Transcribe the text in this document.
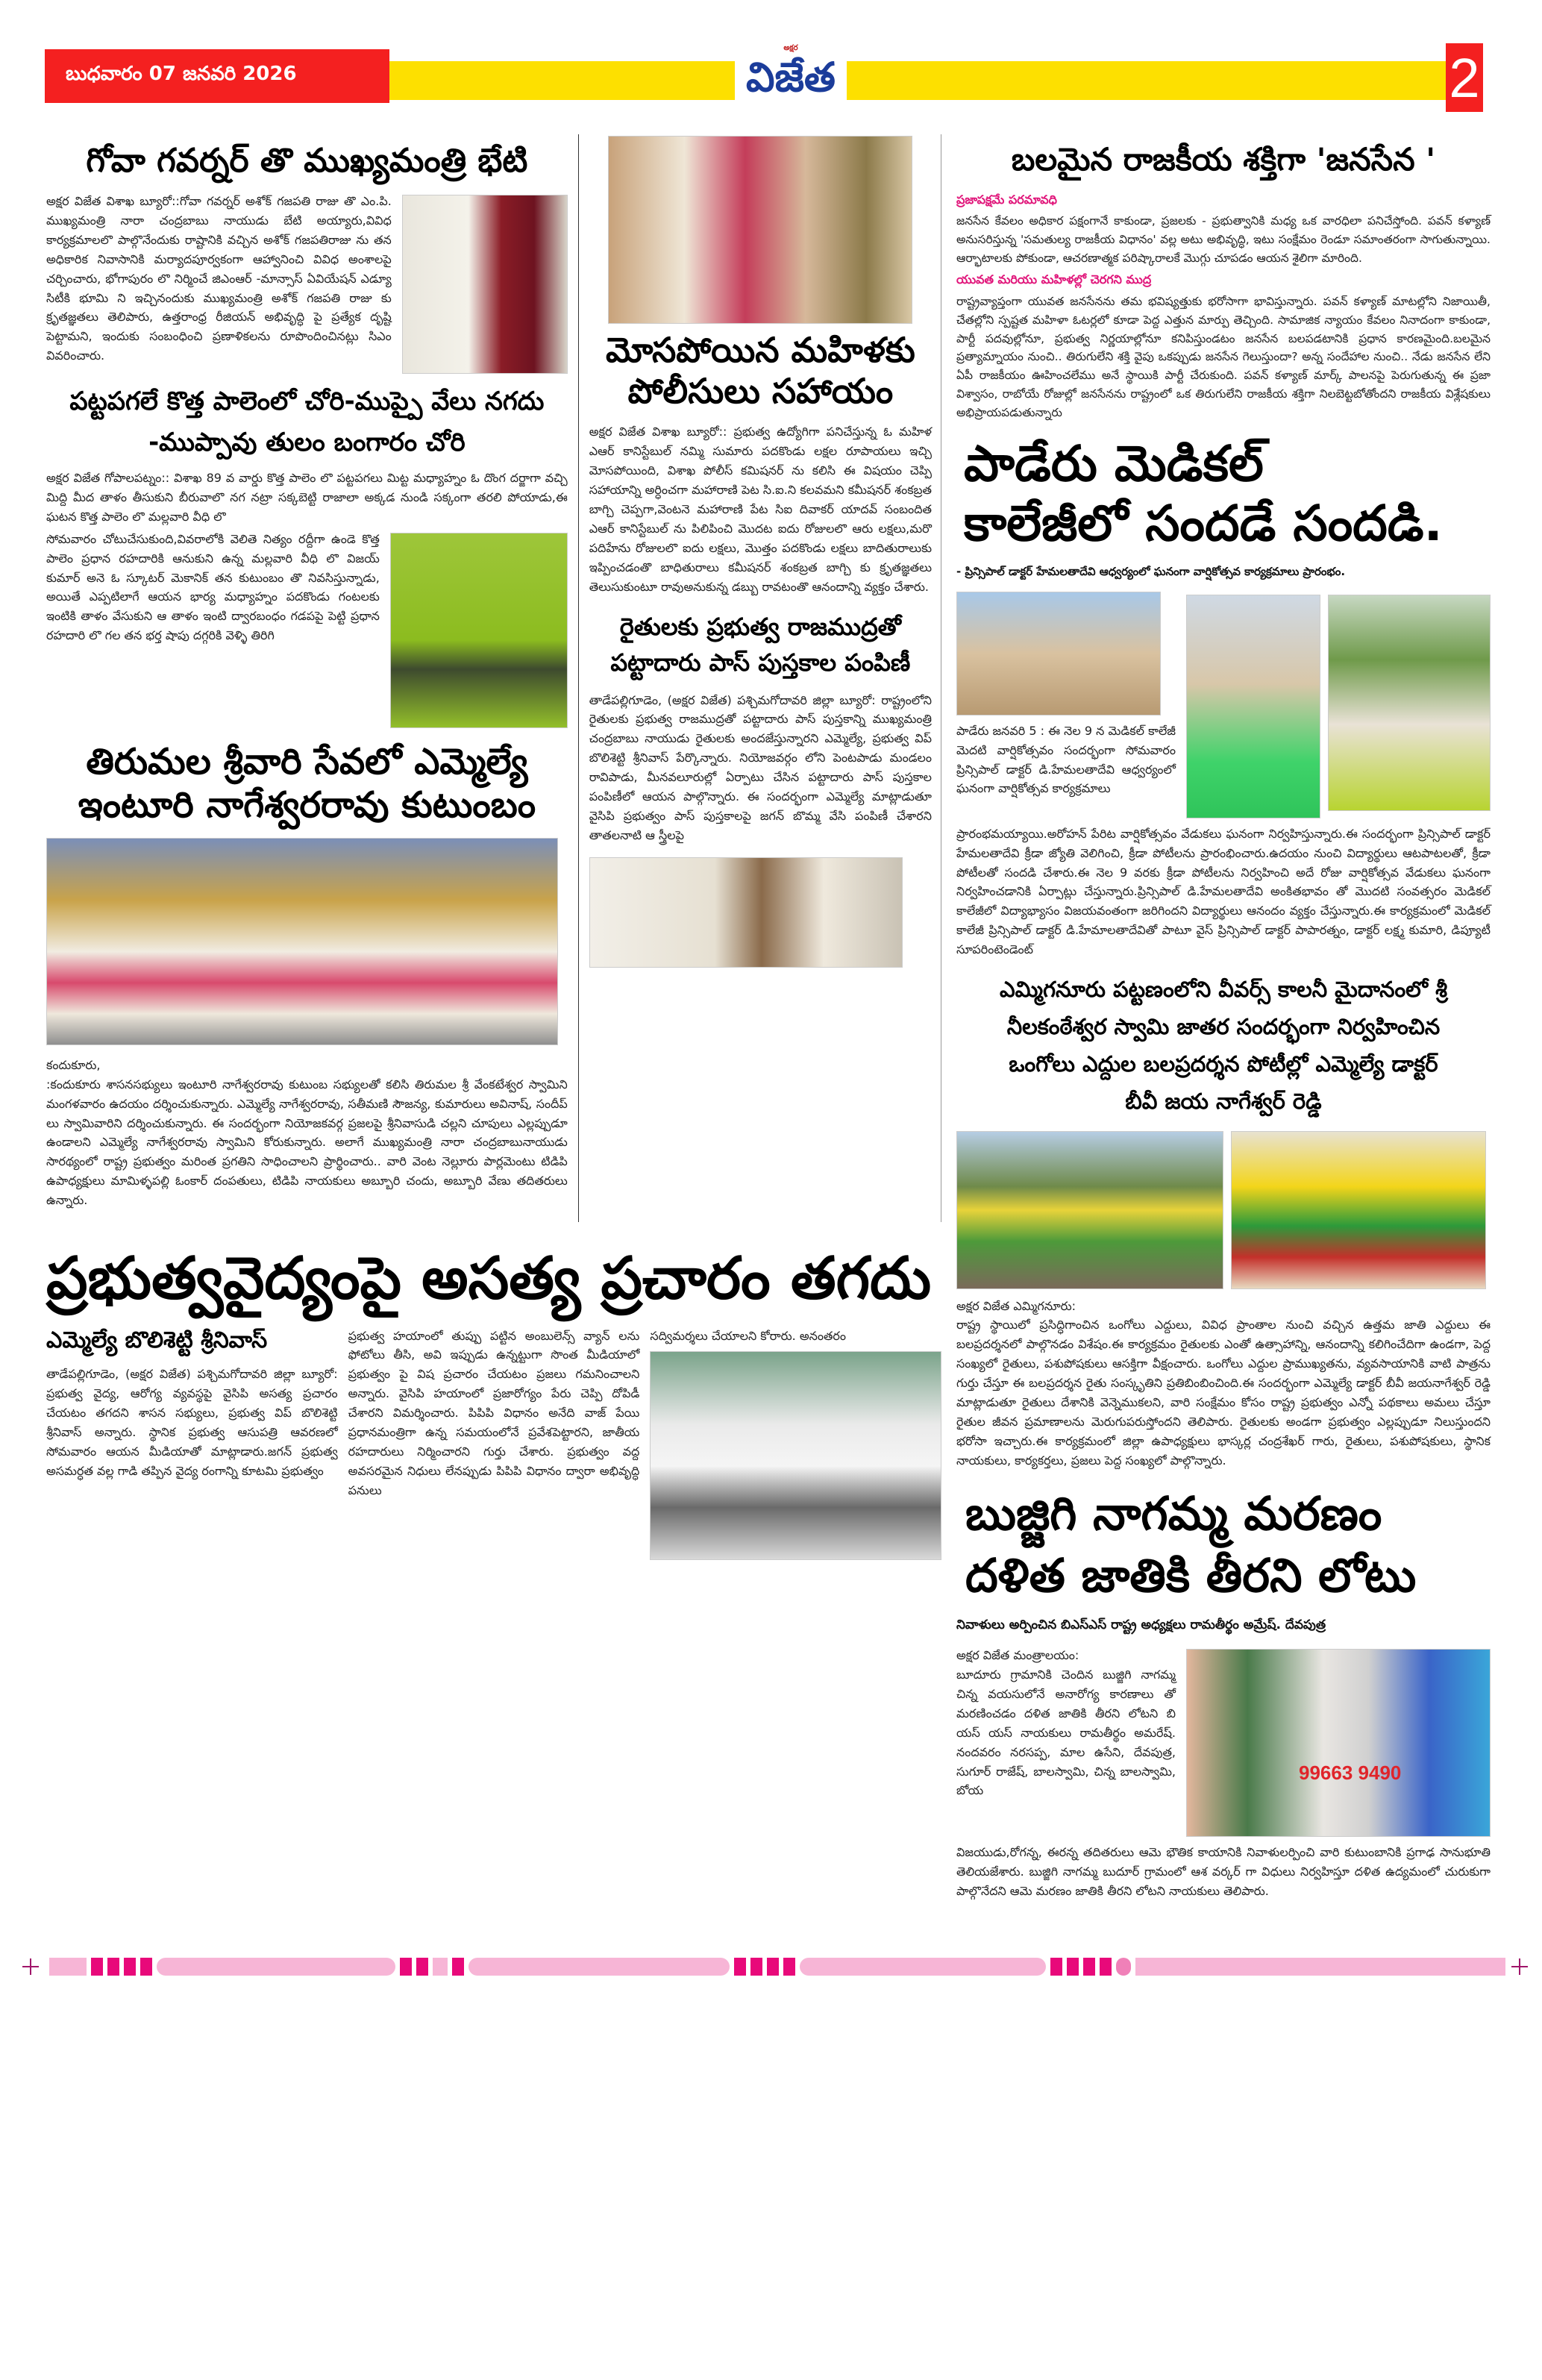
బుధవారం 07 జనవరి 2026
అక్షర
విజేత	2
గోవా గవర్నర్ తొ ముఖ్యమంత్రి భేటి
అక్షర విజేత విశాఖ బ్యూరో::గోవా గవర్నర్ అశోక్ గజపతి రాజు తొ ఎం.పి. ముఖ్యమంత్రి నారా చంద్రబాబు నాయుడు బేటి అయ్యారు,వివిధ కార్యక్రమాలలొ పాల్గొనేందుకు రాష్టానికి వచ్చిన అశోక్ గజపతిరాజు ను తన అధికారిక నివాసానికి మర్యాదపూర్వకంగా ఆహ్వానించి వివిధ అంశాలపై చర్చించారు, భోగాపురం లొ నిర్మించే జిఎంఆర్ -మాన్సాస్ ఏవియేషన్ ఎడ్యూ సిటీకి భూమి ని ఇచ్చినందుకు ముఖ్యమంత్రి అశోక్ గజపతి రాజు కు క్రృతజ్ఞతలు తెలిపారు, ఉత్తరాంధ్ర రీజియన్ అభివృద్ధి పై ప్రత్యేక దృష్టి పెట్టామని, ఇందుకు సంబంధించి ప్రణాళికలను రూపొందించినట్లు సిఎం వివరించారు.
పట్టపగలే కొత్త పాలెంలో చోరి-ముప్పై వేలు నగదు
-ముప్పావు తులం బంగారం చోరి
అక్షర విజేత గోపాలపట్నం:: విశాఖ 89 వ వార్డు కొత్త పాలెం లొ పట్టపగలు మిట్ట మధ్యాహ్నం ఓ దొంగ దర్జాగా వచ్చి మిద్ది మీద తాళం తీసుకుని బీరువాలొ నగ నట్రా సక్కబెట్టి రాజాలా అక్కడ నుండి సక్కంగా తరలి పోయాడు,ఈ ఘటన కొత్త పాలెం లొ మల్లవారి వీధి లొ
సోమవారం చోటుచేసుకుంది,వివరాలోకి వెలితె నిత్యం రద్దీగా ఉండె కొత్త పాలెం ప్రధాన రహదారికి ఆనుకుని ఉన్న మల్లవారి వీధి లొ విజయ్ కుమార్ అనె ఓ స్కూటర్ మెకానిక్ తన కుటుంబం తొ నివసిస్తున్నాడు, అయితే ఎప్పటిలాగే ఆయన భార్య మధ్యాహ్నం పదకొండు గంటలకు ఇంటికి తాళం వేసుకుని ఆ తాళం ఇంటి ద్వారబంధం గడపపై పెట్టి ప్రధాన రహదారి లొ గల తన భర్త షాపు దగ్గరికి వెళ్ళి తిరిగి
తిరుమల శ్రీవారి సేవలో ఎమ్మెల్యే
ఇంటూరి నాగేశ్వరరావు కుటుంబం

కందుకూరు,

:కందుకూరు శాసనసభ్యులు ఇంటూరి నాగేశ్వరరావు కుటుంబ సభ్యులతో కలిసి తిరుమల శ్రీ వేంకటేశ్వర స్వామిని మంగళవారం ఉదయం దర్శించుకున్నారు. ఎమ్మెల్యే నాగేశ్వరరావు, సతీమణి సౌజన్య, కుమారులు అవినాష్, సందీప్ లు స్వామివారిని దర్శించుకున్నారు. ఈ సందర్భంగా నియోజకవర్గ ప్రజలపై శ్రీనివాసుడి చల్లని చూపులు ఎల్లప్పుడూ ఉండాలని ఎమ్మెల్యే నాగేశ్వరరావు స్వామిని కోరుకున్నారు. అలాగే ముఖ్యమంత్రి నారా చంద్రబాబునాయుడు సారథ్యంలో రాష్ట్ర ప్రభుత్వం మరింత ప్రగతిని సాధించాలని ప్రార్థించారు.. వారి వెంట నెల్లూరు పార్లమెంటు టిడిపి ఉపాధ్యక్షులు మామిళ్ళపల్లి ఓంకార్ దంపతులు, టిడిపి నాయకులు అబ్బూరి చందు, అబ్బూరి వేణు తదితరులు ఉన్నారు.

మోసపోయిన మహిళకు
పోలీసులు సహాయం
అక్షర విజేత విశాఖ బ్యూరో:: ప్రభుత్వ ఉద్యోగిగా పనిచేస్తున్న ఓ మహిళ ఎఆర్ కానిస్టేబుల్ నమ్మి సుమారు పదకొండు లక్షల రూపాయలు ఇచ్చి మోసపోయింది, విశాఖ పోలీస్ కమిషనర్ ను కలిసి ఈ విషయం చెప్పి సహాయాన్ని అర్ధించగా మహారాణి పెట సి.ఐ.ని కలవమని కమీషనర్ శంకబ్రత బాగ్చి చెప్పగా,వెంటనె మహారాణి పేట సిఐ దివాకర్ యాదవ్ సంబందిత ఎఆర్ కానిస్టేబుల్ ను పిలిపించి మొదట ఐదు రోజులలొ ఆరు లక్షలు,మరొ పదిహేను రోజులలొ ఐదు లక్షలు, మొత్తం పదకొండు లక్షలు బాదితురాలుకు ఇప్పించడంతొ బాధితురాలు కమీషనర్ శంకబ్రత బాగ్చి కు క్రృతజ్ఞతలు తెలుసుకుంటూ రావుఅనుకున్న డబ్బు రావటంతొ ఆనందాన్ని వ్యక్తం చేశారు.
రైతులకు ప్రభుత్వ రాజముద్రతో
పట్టాదారు పాస్ పుస్తకాల పంపిణీ
తాడేపల్లిగూడెం, (అక్షర విజేత) పశ్చిమగోదావరి జిల్లా బ్యూరో: రాష్ట్రంలోని రైతులకు ప్రభుత్వ రాజముద్రతో పట్టాదారు పాస్ పుస్తకాన్ని ముఖ్యమంత్రి చంద్రబాబు నాయుడు రైతులకు అందజేస్తున్నారని ఎమ్మెల్యే, ప్రభుత్వ విప్ బొలిశెట్టి శ్రీనివాస్ పేర్కొన్నారు. నియోజవర్గం లోని పెంటపాడు మండలం రావిపాడు, మీనవలూరుల్లో ఏర్పాటు చేసిన పట్టాదారు పాస్ పుస్తకాల పంపిణీలో ఆయన పాల్గొన్నారు. ఈ సందర్భంగా ఎమ్మెల్యే మాట్లాడుతూ వైసిపి ప్రభుత్వం పాస్ పుస్తకాలపై జగన్ బొమ్మ వేసి పంపిణీ చేశారని తాతలనాటి ఆ స్త్రీలపై
ప్రభుత్వవైద్యంపై అసత్య ప్రచారం తగదు
ఎమ్మెల్యే బొలిశెట్టి శ్రీనివాస్
తాడేపల్లిగూడెం, (అక్షర విజేత) పశ్చిమగోదావరి జిల్లా బ్యూరో: ప్రభుత్వ వైద్య, ఆరోగ్య వ్యవస్థపై వైసిపి అసత్య ప్రచారం చేయటం తగదని శాసన సభ్యులు, ప్రభుత్వ విప్ బొలిశెట్టి శ్రీనివాస్ అన్నారు. స్థానిక ప్రభుత్వ ఆసుపత్రి ఆవరణలో సోమవారం ఆయన మీడియాతో మాట్లాడారు.జగన్ ప్రభుత్వ అసమర్ధత వల్ల గాడి తప్పిన వైద్య రంగాన్ని కూటమి ప్రభుత్వం
ప్రభుత్వ హయాంలో తుప్పు పట్టిన అంబులెన్స్ వ్యాన్ లను ఫోటోలు తీసి, అవి ఇప్పుడు ఉన్నట్టుగా సొంత మీడియాలో ప్రభుత్వం పై విష ప్రచారం చేయటం ప్రజలు గమనించాలని అన్నారు. వైసిపి హయాంలో ప్రజారోగ్యం పేరు చెప్పి దోపిడీ చేశారని విమర్శించారు. పిపిపి విధానం అనేది వాజ్ పేయి ప్రధానమంత్రిగా ఉన్న సమయంలోనే ప్రవేశపెట్టారని, జాతీయ రహదారులు నిర్మించారని గుర్తు చేశారు. ప్రభుత్వం వద్ద అవసరమైన నిధులు లేనప్పుడు పిపిపి విధానం ద్వారా అభివృద్ధి పనులు
సద్విమర్శలు చేయాలని కోరారు. అనంతరం
బలమైన రాజకీయ శక్తిగా 'జనసేన '
ప్రజాపక్షమే పరమావధి

జనసేన కేవలం అధికార పక్షంగానే కాకుండా, ప్రజలకు - ప్రభుత్వానికి మధ్య ఒక వారధిలా పనిచేస్తోంది. పవన్ కళ్యాణ్ అనుసరిస్తున్న 'సమతుల్య రాజకీయ విధానం' వల్ల అటు అభివృద్ధి, ఇటు సంక్షేమం రెండూ సమాంతరంగా సాగుతున్నాయి. ఆర్భాటాలకు పోకుండా, ఆచరణాత్మక పరిష్కారాలకే మొగ్గు చూపడం ఆయన శైలిగా మారింది.

యువత మరియు మహిళల్లో చెరగని ముద్ర

రాష్ట్రవ్యాప్తంగా యువత జనసేనను తమ భవిష్యత్తుకు భరోసాగా భావిస్తున్నారు. పవన్ కళ్యాణ్ మాటల్లోని నిజాయితీ, చేతల్లోని స్పష్టత మహిళా ఓటర్లలో కూడా పెద్ద ఎత్తున మార్పు తెచ్చింది. సామాజిక న్యాయం కేవలం నినాదంగా కాకుండా, పార్టీ పదవుల్లోనూ, ప్రభుత్వ నిర్ణయాల్లోనూ కనిపిస్తుండటం జనసేన బలపడటానికి ప్రధాన కారణమైంది.బలమైన ప్రత్యామ్నాయం నుంచి.. తిరుగులేని శక్తి వైపు ఒకప్పుడు జనసేన గెలుస్తుందా? అన్న సందేహాల నుంచి.. నేడు జనసేన లేని ఏపీ రాజకీయం ఊహించలేము అనే స్థాయికి పార్టీ చేరుకుంది. పవన్ కళ్యాణ్ మార్క్ పాలనపై పెరుగుతున్న ఈ ప్రజా విశ్వాసం, రాబోయే రోజుల్లో జనసేనను రాష్ట్రంలో ఒక తిరుగులేని రాజకీయ శక్తిగా నిలబెట్టబోతోందని రాజకీయ విశ్లేషకులు అభిప్రాయపడుతున్నారు

పాడేరు మెడికల్
కాలేజీలో సందడే సందడి.
- ప్రిన్సిపాల్ డాక్టర్ హేమలతాదేవి ఆధ్వర్యంలో ఘనంగా వార్షికోత్సవ కార్యక్రమాలు ప్రారంభం.
పాడేరు జనవరి 5 : ఈ నెల 9 న మెడికల్ కాలేజీ మెదటి వార్షికోత్సవం సందర్భంగా సోమవారం ప్రిన్సిపాల్ డాక్టర్ డి.హేమలతాదేవి ఆధ్వర్యంలో ఘనంగా వార్షికోత్సవ కార్యక్రమాలు
ప్రారంభమయ్యాయి.అరోహన్ పేరిట వార్షికోత్సవం వేడుకలు ఘనంగా నిర్వహిస్తున్నారు.ఈ సందర్భంగా ప్రిన్సిపాల్ డాక్టర్ హేమలతాదేవి క్రీడా జ్యోతి వెలిగించి, క్రీడా పోటీలను ప్రారంభించారు.ఉదయం నుంచి విద్యార్థులు ఆటపాటలతో, క్రీడా పోటీలతో సందడి చేశారు.ఈ నెల 9 వరకు క్రీడా పోటీలను నిర్వహించి అదే రోజు వార్షికోత్సవ వేడుకలు ఘనంగా నిర్వహించడానికి ఏర్పాట్లు చేస్తున్నారు.ప్రిన్సిపాల్ డి.హేమలతాదేవి అంకితభావం తో మొదటి సంవత్సరం మెడికల్ కాలేజీలో విద్యాభ్యాసం విజయవంతంగా జరిగిందని విద్యార్థులు ఆనందం వ్యక్తం చేస్తున్నారు.ఈ కార్యక్రమంలో మెడికల్ కాలేజీ ప్రిన్సిపాల్ డాక్టర్ డి.హేమాలతాదేవితో పాటూ వైస్ ప్రిన్సిపాల్ డాక్టర్ పాపారత్నం, డాక్టర్ లక్ష్మ కుమారి, డిప్యూటీ సూపరింటెండెంట్
ఎమ్మిగనూరు పట్టణంలోని వీవర్స్ కాలనీ మైదానంలో శ్రీ
నీలకంఠేశ్వర స్వామి జాతర సందర్భంగా నిర్వహించిన
ఒంగోలు ఎద్దుల బలప్రదర్శన పోటీల్లో ఎమ్మెల్యే డాక్టర్
బీవీ జయ నాగేశ్వర్ రెడ్డి

అక్షర విజేత ఎమ్మిగనూరు:

రాష్ట్ర స్థాయిలో ప్రసిద్ధిగాంచిన ఒంగోలు ఎద్దులు, వివిధ ప్రాంతాల నుంచి వచ్చిన ఉత్తమ జాతి ఎద్దులు ఈ బలప్రదర్శనలో పాల్గొనడం విశేషం.ఈ కార్యక్రమం రైతులకు ఎంతో ఉత్సాహాన్ని, ఆనందాన్ని కలిగించేదిగా ఉండగా, పెద్ద సంఖ్యలో రైతులు, పశుపోషకులు ఆసక్తిగా వీక్షంచారు. ఒంగోలు ఎద్దుల ప్రాముఖ్యతను, వ్యవసాయానికి వాటి పాత్రను గుర్తు చేస్తూ ఈ బలప్రదర్శన రైతు సంస్కృతిని ప్రతిబింబించింది.ఈ సందర్భంగా ఎమ్మెల్యే డాక్టర్ బీవీ జయనాగేశ్వర్ రెడ్డి మాట్లాడుతూ రైతులు దేశానికి వెన్నెముకలని, వారి సంక్షేమం కోసం రాష్ట్ర ప్రభుత్వం ఎన్నో పథకాలు అమలు చేస్తూ రైతుల జీవన ప్రమాణాలను మెరుగుపరుస్తోందని తెలిపారు. రైతులకు అండగా ప్రభుత్వం ఎల్లప్పుడూ నిలుస్తుందని భరోసా ఇచ్చారు.ఈ కార్యక్రమంలో జిల్లా ఉపాధ్యక్షులు భాస్కర్ల చంద్రశేఖర్ గారు, రైతులు, పశుపోషకులు, స్థానిక నాయకులు, కార్యకర్తలు, ప్రజలు పెద్ద సంఖ్యలో పాల్గొన్నారు.

బుజ్జిగి నాగమ్మ మరణం
దళిత జాతికి తీరని లోటు
నివాళులు అర్పించిన బిఎస్ఎస్ రాష్ట్ర అధ్యక్షలు రామతీర్థం అమ్రేష్. దేవపుత్ర
99663 9490

అక్షర విజేత మంత్రాలయం:

బూదూరు గ్రామానికి చెందిన బుజ్జిగి నాగమ్మ చిన్న వయసులోనే అనారోగ్య కారణాలు తో మరణించడం దళిత జాతికి తీరని లోటని బి యస్ యస్ నాయకులు రామతీర్థం అమరేష్. నందవరం నరసప్ప, మాల ఉసేని, దేవపుత్ర, సుగూర్ రాజేష్, బాలస్వామి, చిన్న బాలస్వామి, బోయ

విజయుడు,రోగన్న, ఈరన్న తదితరులు ఆమె భౌతిక కాయానికి నివాళులర్పించి వారి కుటుంబానికి ప్రగాఢ సానుభూతి తెలియజేశారు. బుజ్జిగి నాగమ్మ బుదూర్ గ్రామంలో ఆశ వర్కర్ గా విధులు నిర్వహిస్తూ దళిత ఉద్యమంలో చురుకుగా పాల్గొనేదని ఆమె మరణం జాతికి తీరని లోటని నాయకులు తెలిపారు.
